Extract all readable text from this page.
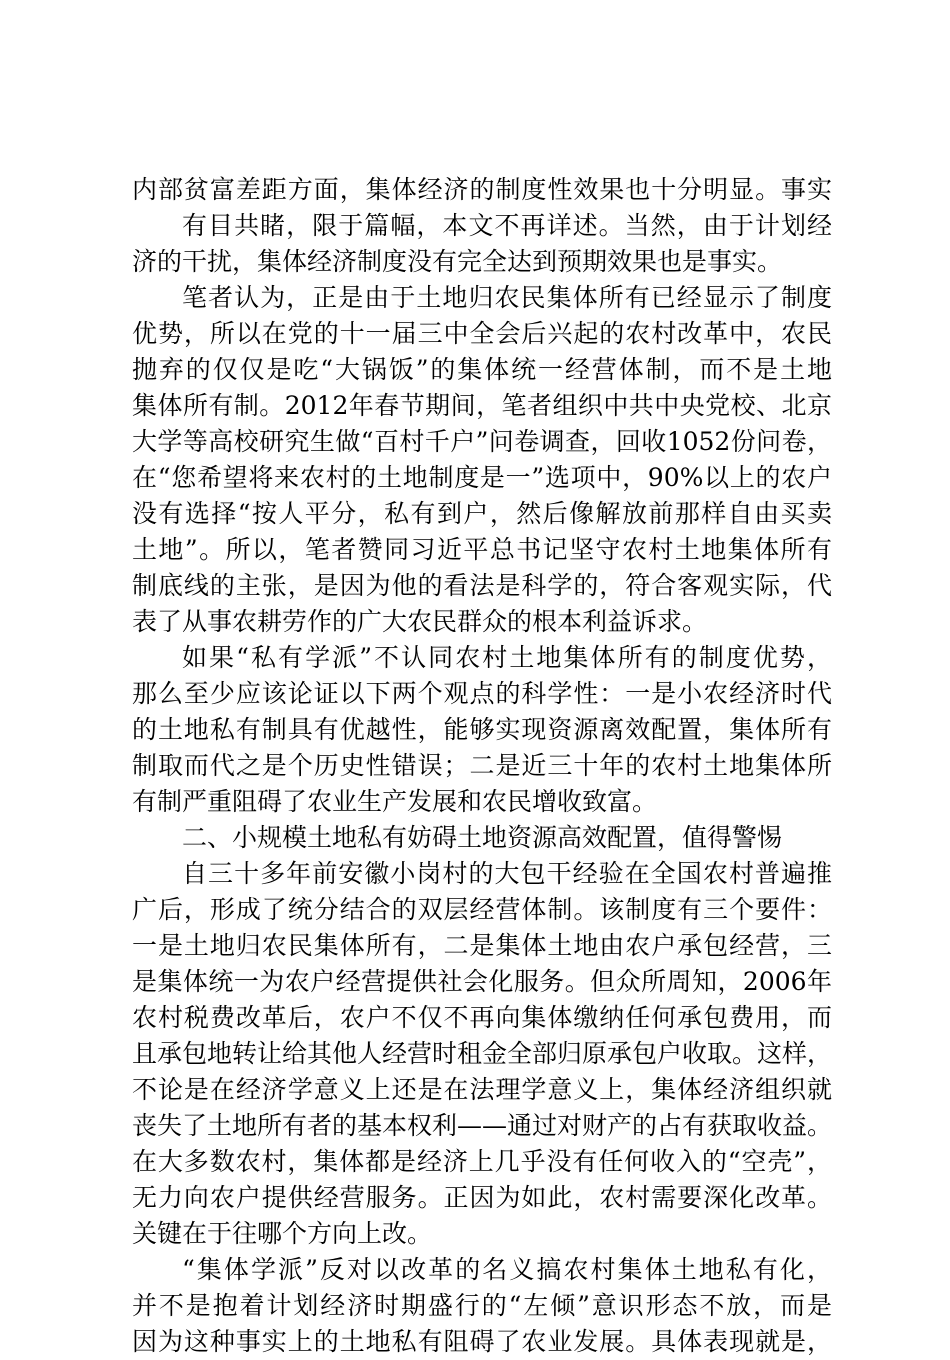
内部贫富差距方面，集体经济的制度性效果也十分明显。事实
有目共睹，限于篇幅，本文不再详述。当然，由于计划经
济的干扰，集体经济制度没有完全达到预期效果也是事实。
笔者认为，正是由于土地归农民集体所有已经显示了制度
优势，所以在党的十一届三中全会后兴起的农村改革中，农民
抛弃的仅仅是吃“大锅饭”的集体统一经营体制，而不是土地
集体所有制。2012年春节期间，笔者组织中共中央党校、北京
大学等高校研究生做“百村千户”问卷调查，回收1052份问卷，
在“您希望将来农村的土地制度是一”选项中，90%以上的农户
没有选择“按人平分，私有到户，然后像解放前那样自由买卖
土地”。所以，笔者赞同习近平总书记坚守农村土地集体所有
制底线的主张，是因为他的看法是科学的，符合客观实际，代
表了从事农耕劳作的广大农民群众的根本利益诉求。
如果“私有学派”不认同农村土地集体所有的制度优势，
那么至少应该论证以下两个观点的科学性：一是小农经济时代
的土地私有制具有优越性，能够实现资源离效配置，集体所有
制取而代之是个历史性错误；二是近三十年的农村土地集体所
有制严重阻碍了农业生产发展和农民增收致富。
二、小规模土地私有妨碍土地资源高效配置，值得警惕
自三十多年前安徽小岗村的大包干经验在全国农村普遍推
广后，形成了统分结合的双层经营体制。该制度有三个要件：
一是土地归农民集体所有，二是集体土地由农户承包经营，三
是集体统一为农户经营提供社会化服务。但众所周知，2006年
农村税费改革后，农户不仅不再向集体缴纳任何承包费用，而
且承包地转让给其他人经营时租金全部归原承包户收取。这样，
不论是在经济学意义上还是在法理学意义上，集体经济组织就
丧失了土地所有者的基本权利——通过对财产的占有获取收益。
在大多数农村，集体都是经济上几乎没有任何收入的“空壳”，
无力向农户提供经营服务。正因为如此，农村需要深化改革。
关键在于往哪个方向上改。
“集体学派”反对以改革的名义搞农村集体土地私有化，
并不是抱着计划经济时期盛行的“左倾”意识形态不放，而是
因为这种事实上的土地私有阻碍了农业发展。具体表现就是，
